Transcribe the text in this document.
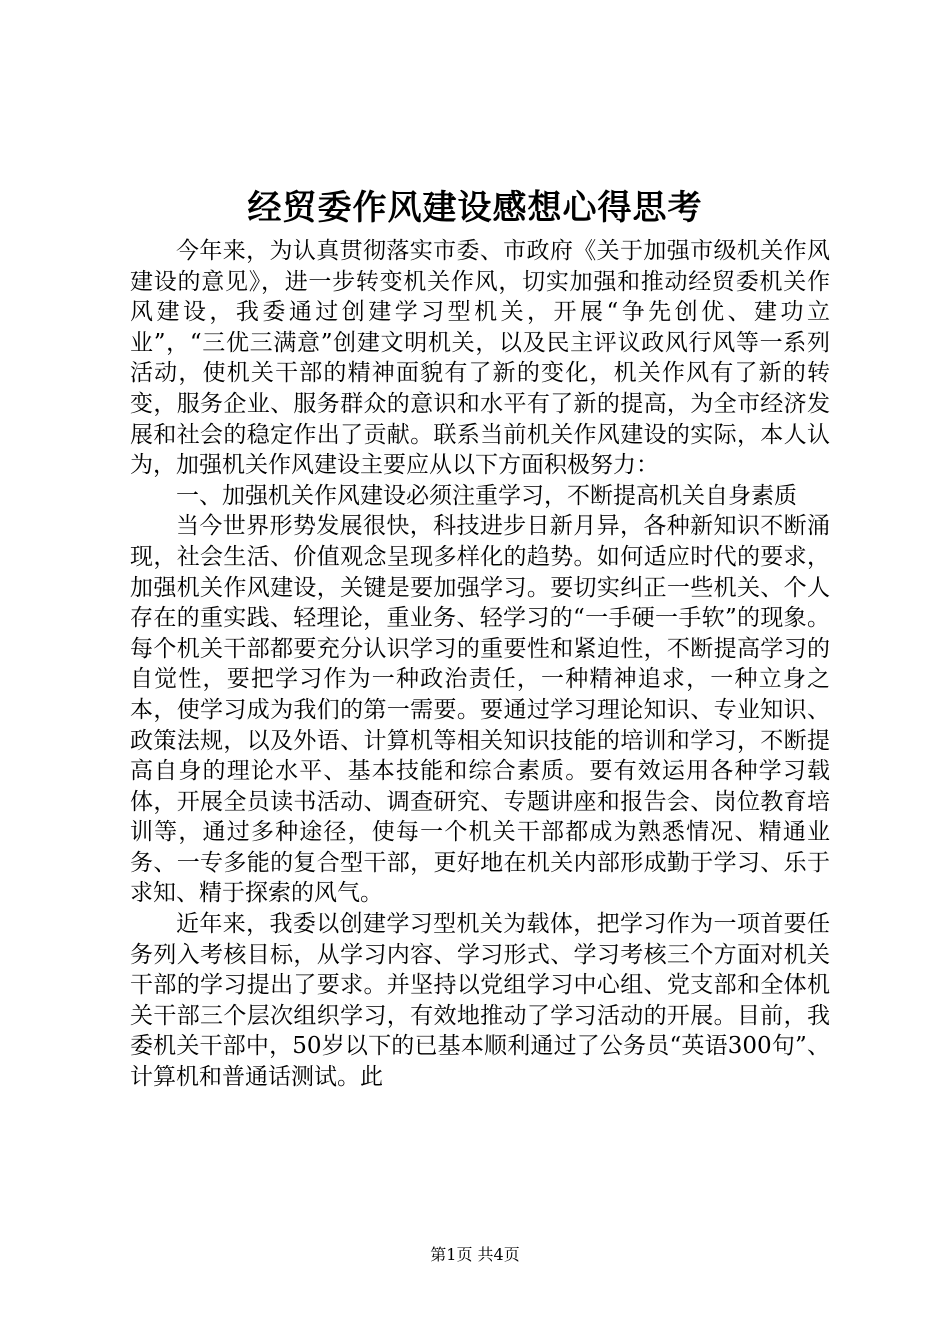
经贸委作风建设感想心得思考

今年来，为认真贯彻落实市委、市政府《关于加强市级机关作风建设的意见》，进一步转变机关作风，切实加强和推动经贸委机关作风建设，我委通过创建学习型机关，开展“争先创优、建功立业”，“三优三满意”创建文明机关，以及民主评议政风行风等一系列活动，使机关干部的精神面貌有了新的变化，机关作风有了新的转变，服务企业、服务群众的意识和水平有了新的提高，为全市经济发展和社会的稳定作出了贡献。联系当前机关作风建设的实际，本人认为，加强机关作风建设主要应从以下方面积极努力：

一、加强机关作风建设必须注重学习，不断提高机关自身素质

当今世界形势发展很快，科技进步日新月异，各种新知识不断涌现，社会生活、价值观念呈现多样化的趋势。如何适应时代的要求，加强机关作风建设，关键是要加强学习。要切实纠正一些机关、个人存在的重实践、轻理论，重业务、轻学习的“一手硬一手软”的现象。每个机关干部都要充分认识学习的重要性和紧迫性，不断提高学习的自觉性，要把学习作为一种政治责任，一种精神追求，一种立身之本，使学习成为我们的第一需要。要通过学习理论知识、专业知识、政策法规，以及外语、计算机等相关知识技能的培训和学习，不断提高自身的理论水平、基本技能和综合素质。要有效运用各种学习载体，开展全员读书活动、调查研究、专题讲座和报告会、岗位教育培训等，通过多种途径，使每一个机关干部都成为熟悉情况、精通业务、一专多能的复合型干部，更好地在机关内部形成勤于学习、乐于求知、精于探索的风气。

近年来，我委以创建学习型机关为载体，把学习作为一项首要任务列入考核目标，从学习内容、学习形式、学习考核三个方面对机关干部的学习提出了要求。并坚持以党组学习中心组、党支部和全体机关干部三个层次组织学习，有效地推动了学习活动的开展。目前，我委机关干部中，50岁以下的已基本顺利通过了公务员“英语300句”、计算机和普通话测试。此

第1页 共4页
